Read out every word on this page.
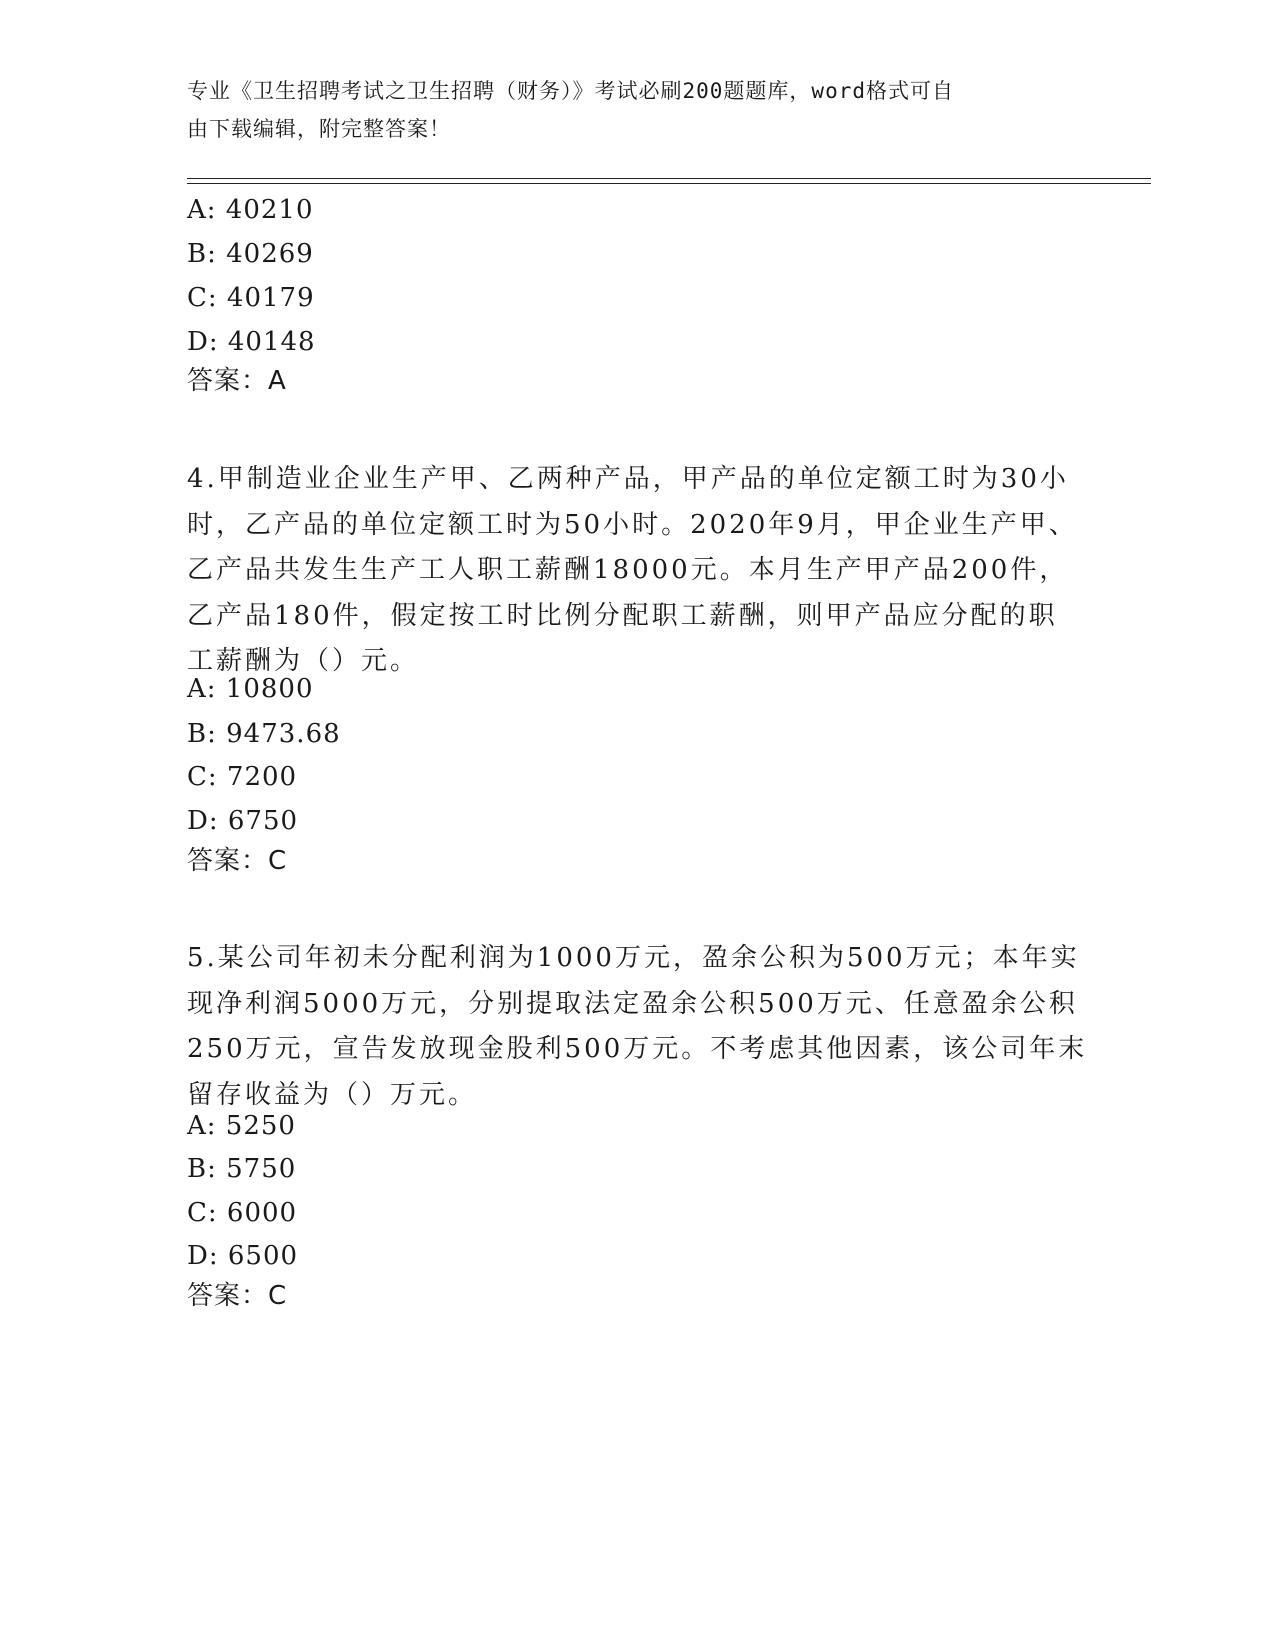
专业《卫生招聘考试之卫生招聘（财务）》考试必刷200题题库，word格式可自
由下载编辑，附完整答案！
A: 40210
B: 40269
C: 40179
D: 40148
答案：A
4.甲制造业企业生产甲、乙两种产品，甲产品的单位定额工时为30小
时，乙产品的单位定额工时为50小时。2020年9月，甲企业生产甲、
乙产品共发生生产工人职工薪酬18000元。本月生产甲产品200件，
乙产品180件，假定按工时比例分配职工薪酬，则甲产品应分配的职
工薪酬为（）元。
A: 10800
B: 9473.68
C: 7200
D: 6750
答案：C
5.某公司年初未分配利润为1000万元，盈余公积为500万元；本年实
现净利润5000万元，分别提取法定盈余公积500万元、任意盈余公积
250万元，宣告发放现金股利500万元。不考虑其他因素，该公司年末
留存收益为（）万元。
A: 5250
B: 5750
C: 6000
D: 6500
答案：C
